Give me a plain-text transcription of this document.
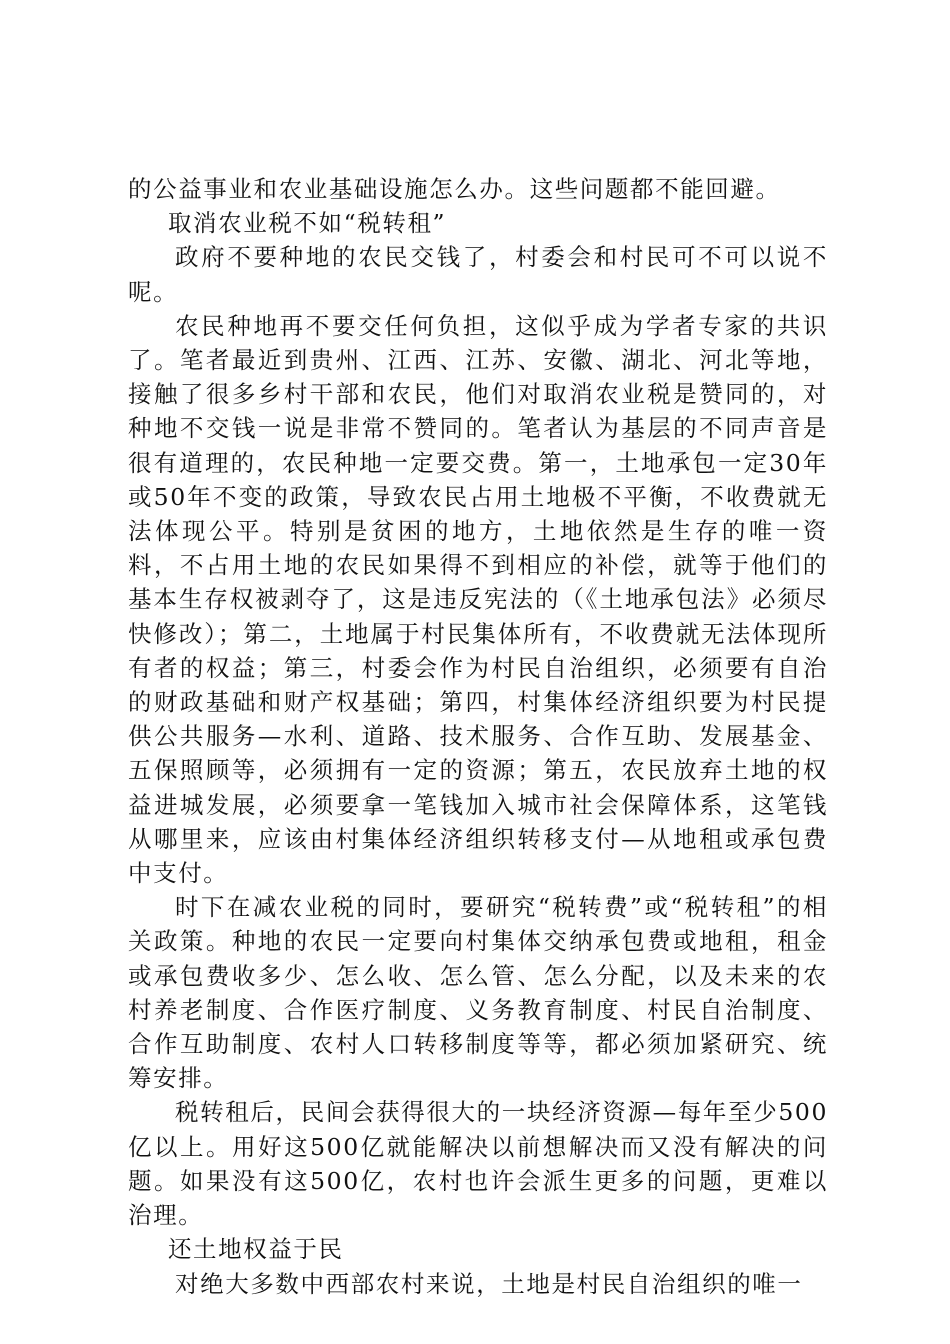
的公益事业和农业基础设施怎么办。这些问题都不能回避。

取消农业税不如“税转租”

政府不要种地的农民交钱了，村委会和村民可不可以说不呢。

农民种地再不要交任何负担，这似乎成为学者专家的共识了。笔者最近到贵州、江西、江苏、安徽、湖北、河北等地，接触了很多乡村干部和农民，他们对取消农业税是赞同的，对种地不交钱一说是非常不赞同的。笔者认为基层的不同声音是很有道理的，农民种地一定要交费。第一，土地承包一定30年或50年不变的政策，导致农民占用土地极不平衡，不收费就无法体现公平。特别是贫困的地方，土地依然是生存的唯一资料，不占用土地的农民如果得不到相应的补偿，就等于他们的基本生存权被剥夺了，这是违反宪法的（《土地承包法》必须尽快修改）；第二，土地属于村民集体所有，不收费就无法体现所有者的权益；第三，村委会作为村民自治组织，必须要有自治的财政基础和财产权基础；第四，村集体经济组织要为村民提供公共服务—水利、道路、技术服务、合作互助、发展基金、五保照顾等，必须拥有一定的资源；第五，农民放弃土地的权益进城发展，必须要拿一笔钱加入城市社会保障体系，这笔钱从哪里来，应该由村集体经济组织转移支付—从地租或承包费中支付。

时下在减农业税的同时，要研究“税转费”或“税转租”的相关政策。种地的农民一定要向村集体交纳承包费或地租，租金或承包费收多少、怎么收、怎么管、怎么分配，以及未来的农村养老制度、合作医疗制度、义务教育制度、村民自治制度、合作互助制度、农村人口转移制度等等，都必须加紧研究、统筹安排。

税转租后，民间会获得很大的一块经济资源—每年至少500亿以上。用好这500亿就能解决以前想解决而又没有解决的问题。如果没有这500亿，农村也许会派生更多的问题，更难以治理。

还土地权益于民

对绝大多数中西部农村来说，土地是村民自治组织的唯一
